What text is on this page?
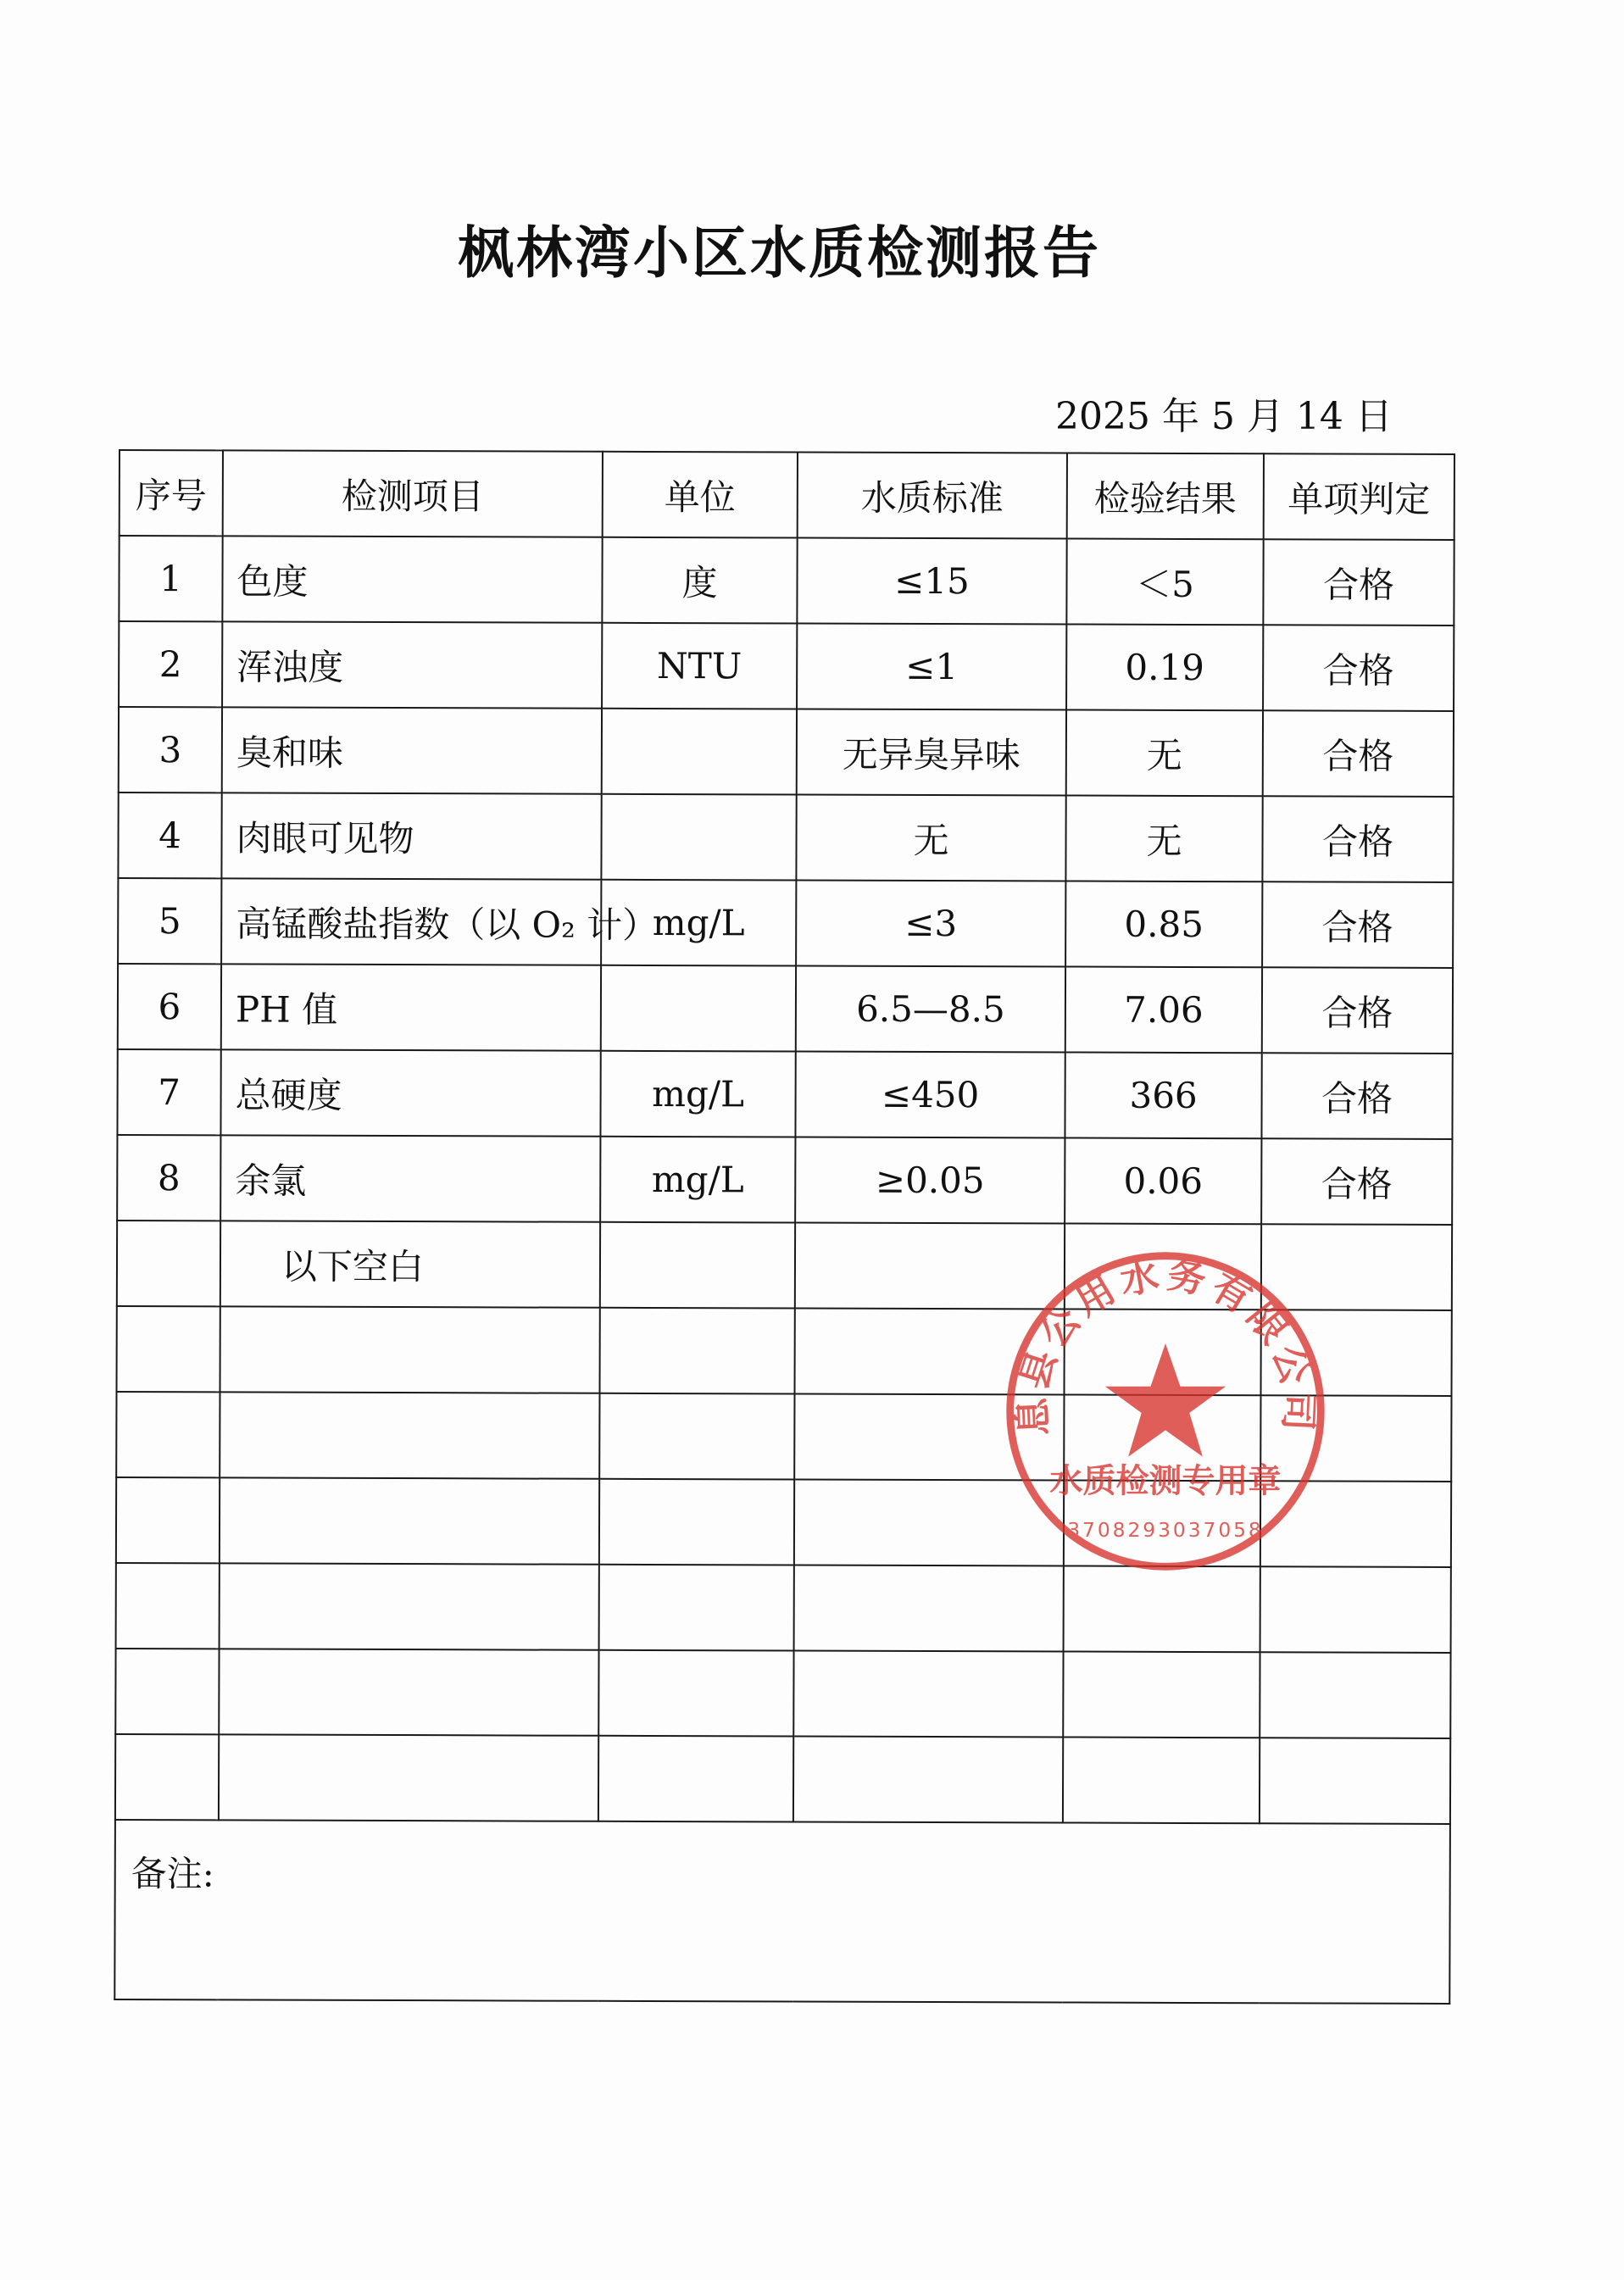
枫林湾小区水质检测报告
2025 年 5 月 14 日
序号	检测项目	单位	水质标准	检验结果	单项判定
1	色度	度	≤15	＜5	合格
2	浑浊度	NTU	≤1	0.19	合格
3	臭和味		无异臭异味	无	合格
4	肉眼可见物		无	无	合格
5	高锰酸盐指数（以 O₂ 计）	mg/L	≤3	0.85	合格
6	PH 值		6.5—8.5	7.06	合格
7	总硬度	mg/L	≤450	366	合格
8	余氯	mg/L	≥0.05	0.06	合格
	以下空白				

备注:					
息县公用水务有限公司
水质检测专用章
3708293037058
